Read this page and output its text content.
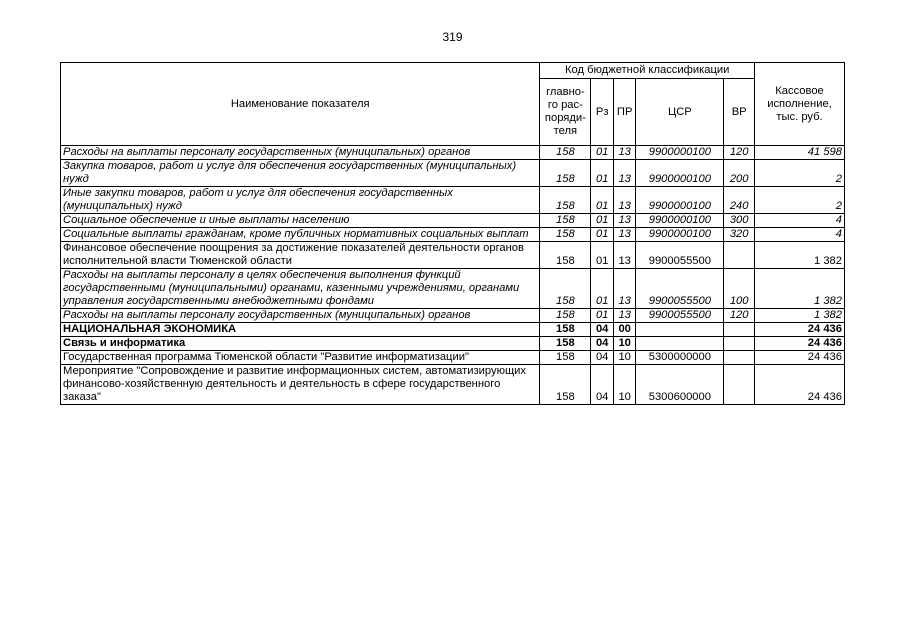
319
Наименование показателя	Код бюджетной классификации					Кассовое исполнение, тыс. руб.
	главно-го рас-поряди-теля	Рз	ПР	ЦСР	ВР	
Расходы на выплаты персоналу государственных (муниципальных) органов	158	01	13	9900000100	120	41 598
Закупка товаров, работ и услуг для обеспечения государственных (муниципальных) нужд	158	01	13	9900000100	200	2
Иные закупки товаров, работ и услуг для обеспечения государственных (муниципальных) нужд	158	01	13	9900000100	240	2
Социальное обеспечение и иные выплаты населению	158	01	13	9900000100	300	4
Социальные выплаты гражданам, кроме публичных нормативных социальных выплат	158	01	13	9900000100	320	4
Финансовое обеспечение поощрения за достижение показателей деятельности органов исполнительной власти Тюменской области	158	01	13	9900055500		1 382
Расходы на выплаты персоналу в целях обеспечения выполнения функций государственными (муниципальными) органами, казенными учреждениями, органами управления государственными внебюджетными фондами	158	01	13	9900055500	100	1 382
Расходы на выплаты персоналу государственных (муниципальных) органов	158	01	13	9900055500	120	1 382
НАЦИОНАЛЬНАЯ ЭКОНОМИКА	158	04	00			24 436
Связь и информатика	158	04	10			24 436
Государственная программа Тюменской области "Развитие информатизации"	158	04	10	5300000000		24 436
Мероприятие "Сопровождение и развитие информационных систем, автоматизирующих финансово-хозяйственную деятельность и деятельность в сфере государственного заказа"	158	04	10	5300600000		24 436
